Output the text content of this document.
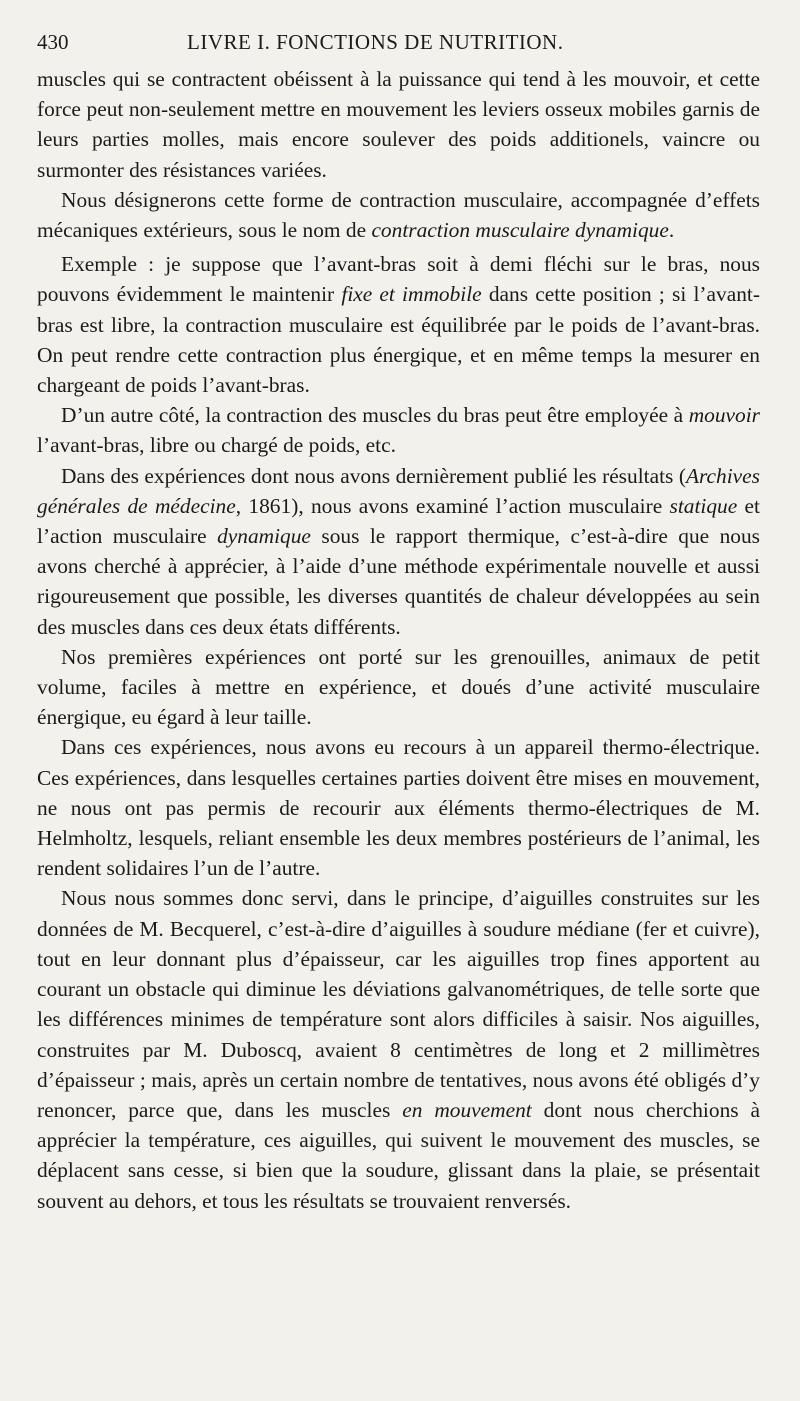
430	LIVRE I. FONCTIONS DE NUTRITION.

muscles qui se contractent obéissent à la puissance qui tend à les mouvoir, et cette force peut non-seulement mettre en mouvement les leviers osseux mobiles garnis de leurs parties molles, mais encore soulever des poids additionels, vaincre ou surmonter des résistances variées.

Nous désignerons cette forme de contraction musculaire, accompagnée d’effets mécaniques extérieurs, sous le nom de contraction musculaire dynamique.

Exemple : je suppose que l’avant-bras soit à demi fléchi sur le bras, nous pouvons évidemment le maintenir fixe et immobile dans cette position ; si l’avant-bras est libre, la contraction musculaire est équilibrée par le poids de l’avant-bras. On peut rendre cette contraction plus énergique, et en même temps la mesurer en chargeant de poids l’avant-bras.

D’un autre côté, la contraction des muscles du bras peut être employée à mouvoir l’avant-bras, libre ou chargé de poids, etc.

Dans des expériences dont nous avons dernièrement publié les résultats (Archives générales de médecine, 1861), nous avons examiné l’action musculaire statique et l’action musculaire dynamique sous le rapport thermique, c’est-à-dire que nous avons cherché à apprécier, à l’aide d’une méthode expérimentale nouvelle et aussi rigoureusement que possible, les diverses quantités de chaleur développées au sein des muscles dans ces deux états différents.

Nos premières expériences ont porté sur les grenouilles, animaux de petit volume, faciles à mettre en expérience, et doués d’une activité musculaire énergique, eu égard à leur taille.

Dans ces expériences, nous avons eu recours à un appareil thermo-électrique. Ces expériences, dans lesquelles certaines parties doivent être mises en mouvement, ne nous ont pas permis de recourir aux éléments thermo-électriques de M. Helmholtz, lesquels, reliant ensemble les deux membres postérieurs de l’animal, les rendent solidaires l’un de l’autre.

Nous nous sommes donc servi, dans le principe, d’aiguilles construites sur les données de M. Becquerel, c’est-à-dire d’aiguilles à soudure médiane (fer et cuivre), tout en leur donnant plus d’épaisseur, car les aiguilles trop fines apportent au courant un obstacle qui diminue les déviations galvanométriques, de telle sorte que les différences minimes de température sont alors difficiles à saisir. Nos aiguilles, construites par M. Duboscq, avaient 8 centimètres de long et 2 millimètres d’épaisseur ; mais, après un certain nombre de tentatives, nous avons été obligés d’y renoncer, parce que, dans les muscles en mouvement dont nous cherchions à apprécier la température, ces aiguilles, qui suivent le mouvement des muscles, se déplacent sans cesse, si bien que la soudure, glissant dans la plaie, se présentait souvent au dehors, et tous les résultats se trouvaient renversés.
